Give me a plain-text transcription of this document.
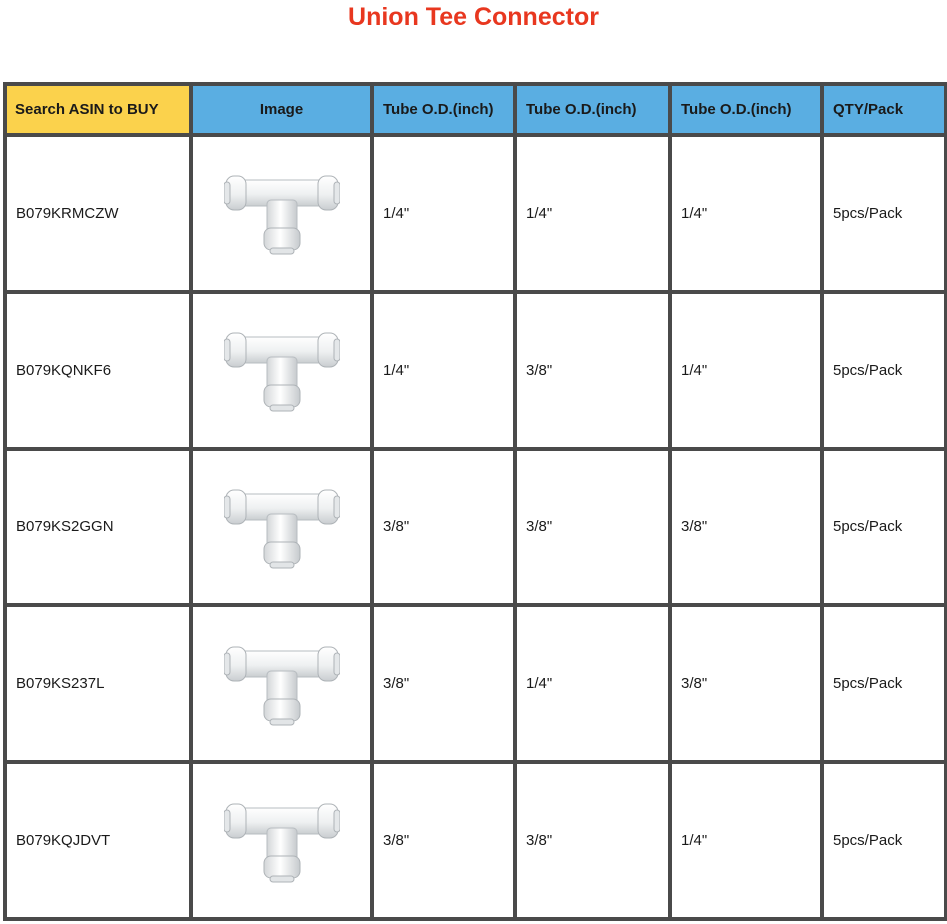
Union Tee Connector
Search ASIN to BUY	Image	Tube O.D.(inch)	Tube O.D.(inch)	Tube O.D.(inch)	QTY/Pack
B079KRMCZW		1/4"	1/4"	1/4"	5pcs/Pack
B079KQNKF6		1/4"	3/8"	1/4"	5pcs/Pack
B079KS2GGN		3/8"	3/8"	3/8"	5pcs/Pack
B079KS237L		3/8"	1/4"	3/8"	5pcs/Pack
B079KQJDVT		3/8"	3/8"	1/4"	5pcs/Pack
